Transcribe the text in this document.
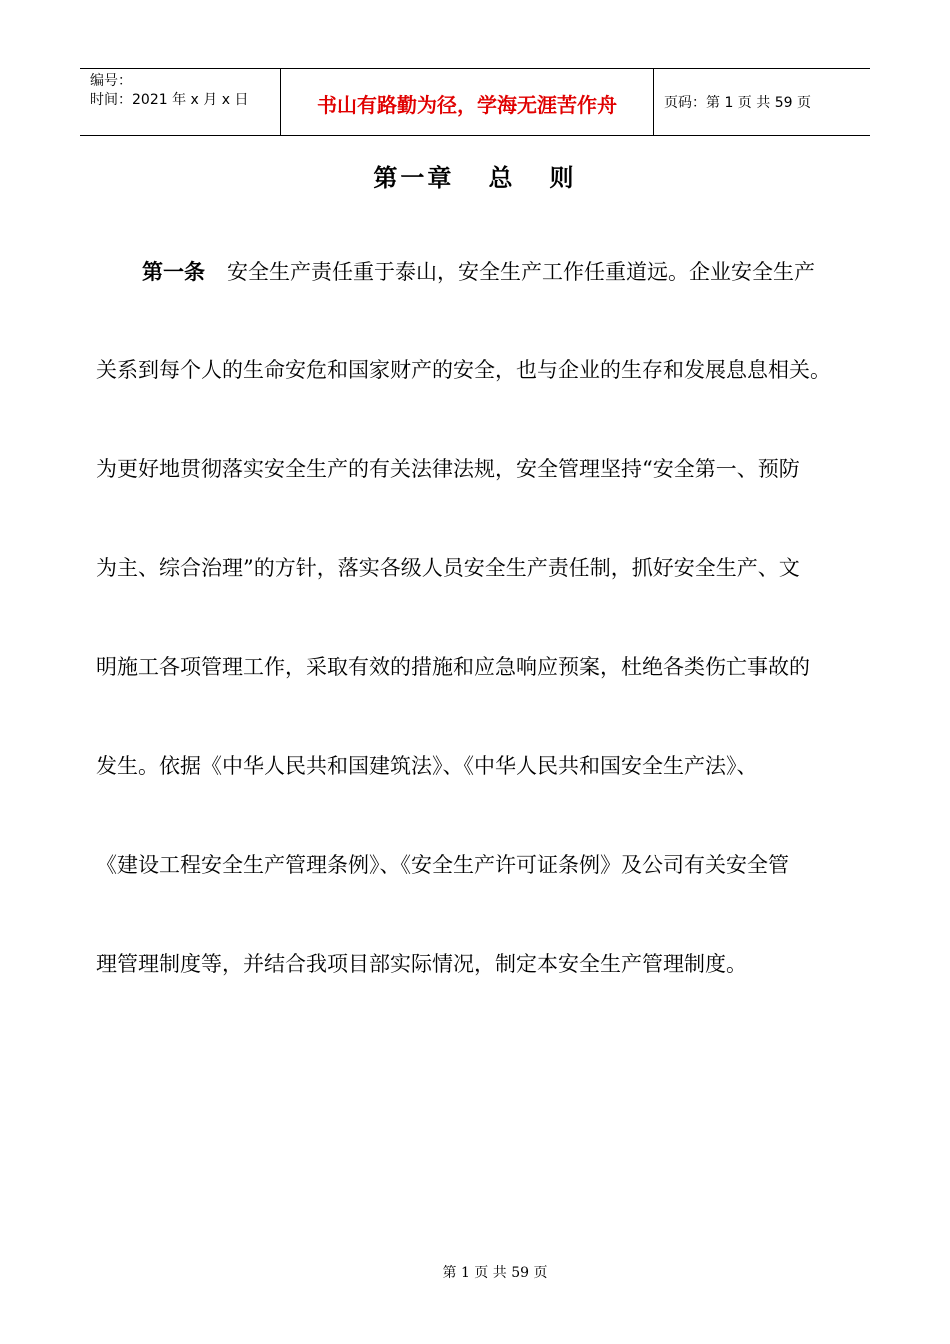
编号：
时间：2021 年 x 月 x 日	书山有路勤为径，学海无涯苦作舟	页码：第 1 页 共 59 页
第一章   总   则
第一条 安全生产责任重于泰山，安全生产工作任重道远。企业安全生产
关系到每个人的生命安危和国家财产的安全，也与企业的生存和发展息息相关。
为更好地贯彻落实安全生产的有关法律法规，安全管理坚持“安全第一、预防
为主、综合治理”的方针，落实各级人员安全生产责任制，抓好安全生产、文
明施工各项管理工作，采取有效的措施和应急响应预案，杜绝各类伤亡事故的
发生。依据《中华人民共和国建筑法》、《中华人民共和国安全生产法》、
《建设工程安全生产管理条例》、《安全生产许可证条例》及公司有关安全管
理管理制度等，并结合我项目部实际情况，制定本安全生产管理制度。
第 1 页 共 59 页
